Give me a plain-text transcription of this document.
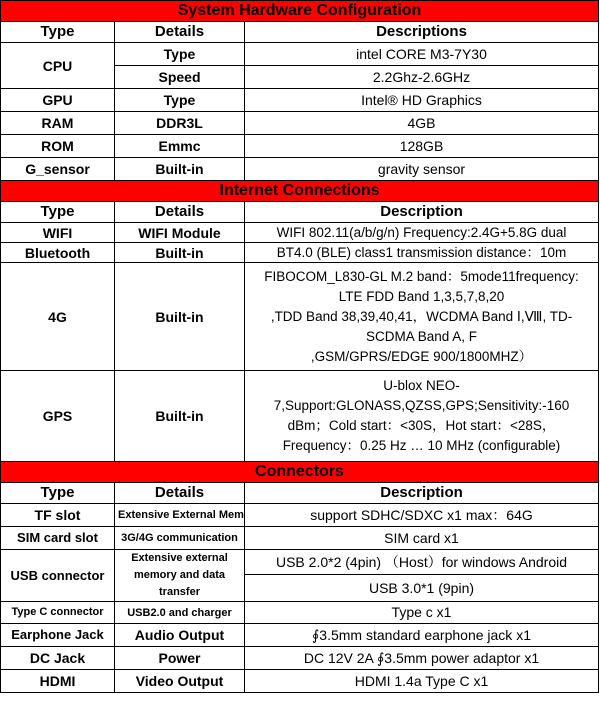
System Hardware Configuration		
Type	Details	Descriptions
CPU	Type	intel CORE M3-7Y30
	Speed	2.2Ghz-2.6GHz
GPU	Type	Intel® HD Graphics
RAM	DDR3L	4GB
ROM	Emmc	128GB
G_sensor	Built-in	gravity sensor
Internet Connections		
Type	Details	Description
WIFI	WIFI Module	WIFI 802.11(a/b/g/n) Frequency:2.4G+5.8G dual
Bluetooth	Built-in	BT4.0 (BLE) class1 transmission distance：10m
4G	Built-in	FIBOCOM_L830-GL M.2 band：5mode11frequency:
LTE FDD Band 1,3,5,7,8,20
,TDD Band 38,39,40,41，WCDMA Band Ⅰ,Ⅷ, TD-
SCDMA Band A, F
,GSM/GPRS/EDGE 900/1800MHZ）

GPS	Built-in	U-blox NEO-
7,Support:GLONASS,QZSS,GPS;Sensitivity:-160
dBm；Cold start：<30S，Hot start：<28S，
Frequency：0.25 Hz … 10 MHz (configurable)

Connectors		
Type	Details	Description
TF slot	Extensive External Mem	support SDHC/SDXC x1 max：64G
SIM card slot	3G/4G communication	SIM card x1
USB connector	Extensive external
memory and data
transfer	USB 2.0*2 (4pin) （Host）for windows Android
		USB 3.0*1 (9pin)
Type C connector	USB2.0 and charger	Type c x1
Earphone Jack	Audio Output	∮3.5mm standard earphone jack x1
DC Jack	Power	DC 12V 2A ∮3.5mm power adaptor x1
HDMI	Video Output	HDMI 1.4a Type C x1
